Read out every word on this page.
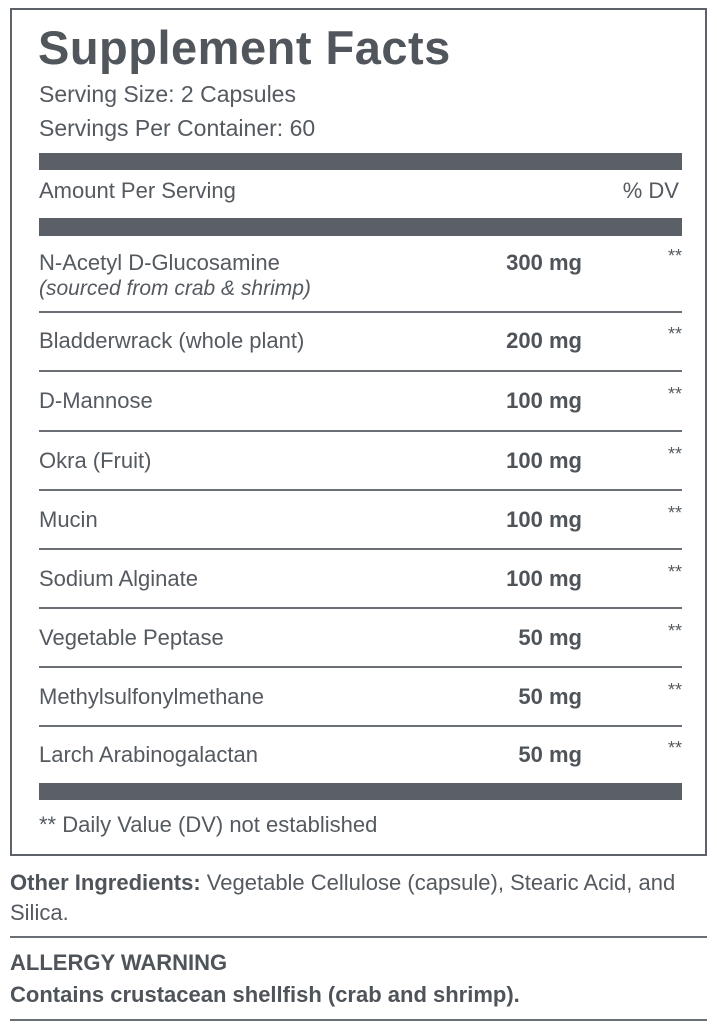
Supplement Facts
Serving Size: 2 Capsules
Servings Per Container: 60
Amount Per Serving	% DV
N-Acetyl D-Glucosamine
(sourced from crab & shrimp)
300 mg	**
Bladderwrack (whole plant)	200 mg	**
D-Mannose	100 mg	**
Okra (Fruit)	100 mg	**
Mucin	100 mg	**
Sodium Alginate	100 mg	**
Vegetable Peptase	50 mg	**
Methylsulfonylmethane	50 mg	**
Larch Arabinogalactan	50 mg	**
** Daily Value (DV) not established
Other Ingredients: Vegetable Cellulose (capsule), Stearic Acid, and Silica.
ALLERGY WARNING
Contains crustacean shellfish (crab and shrimp).
